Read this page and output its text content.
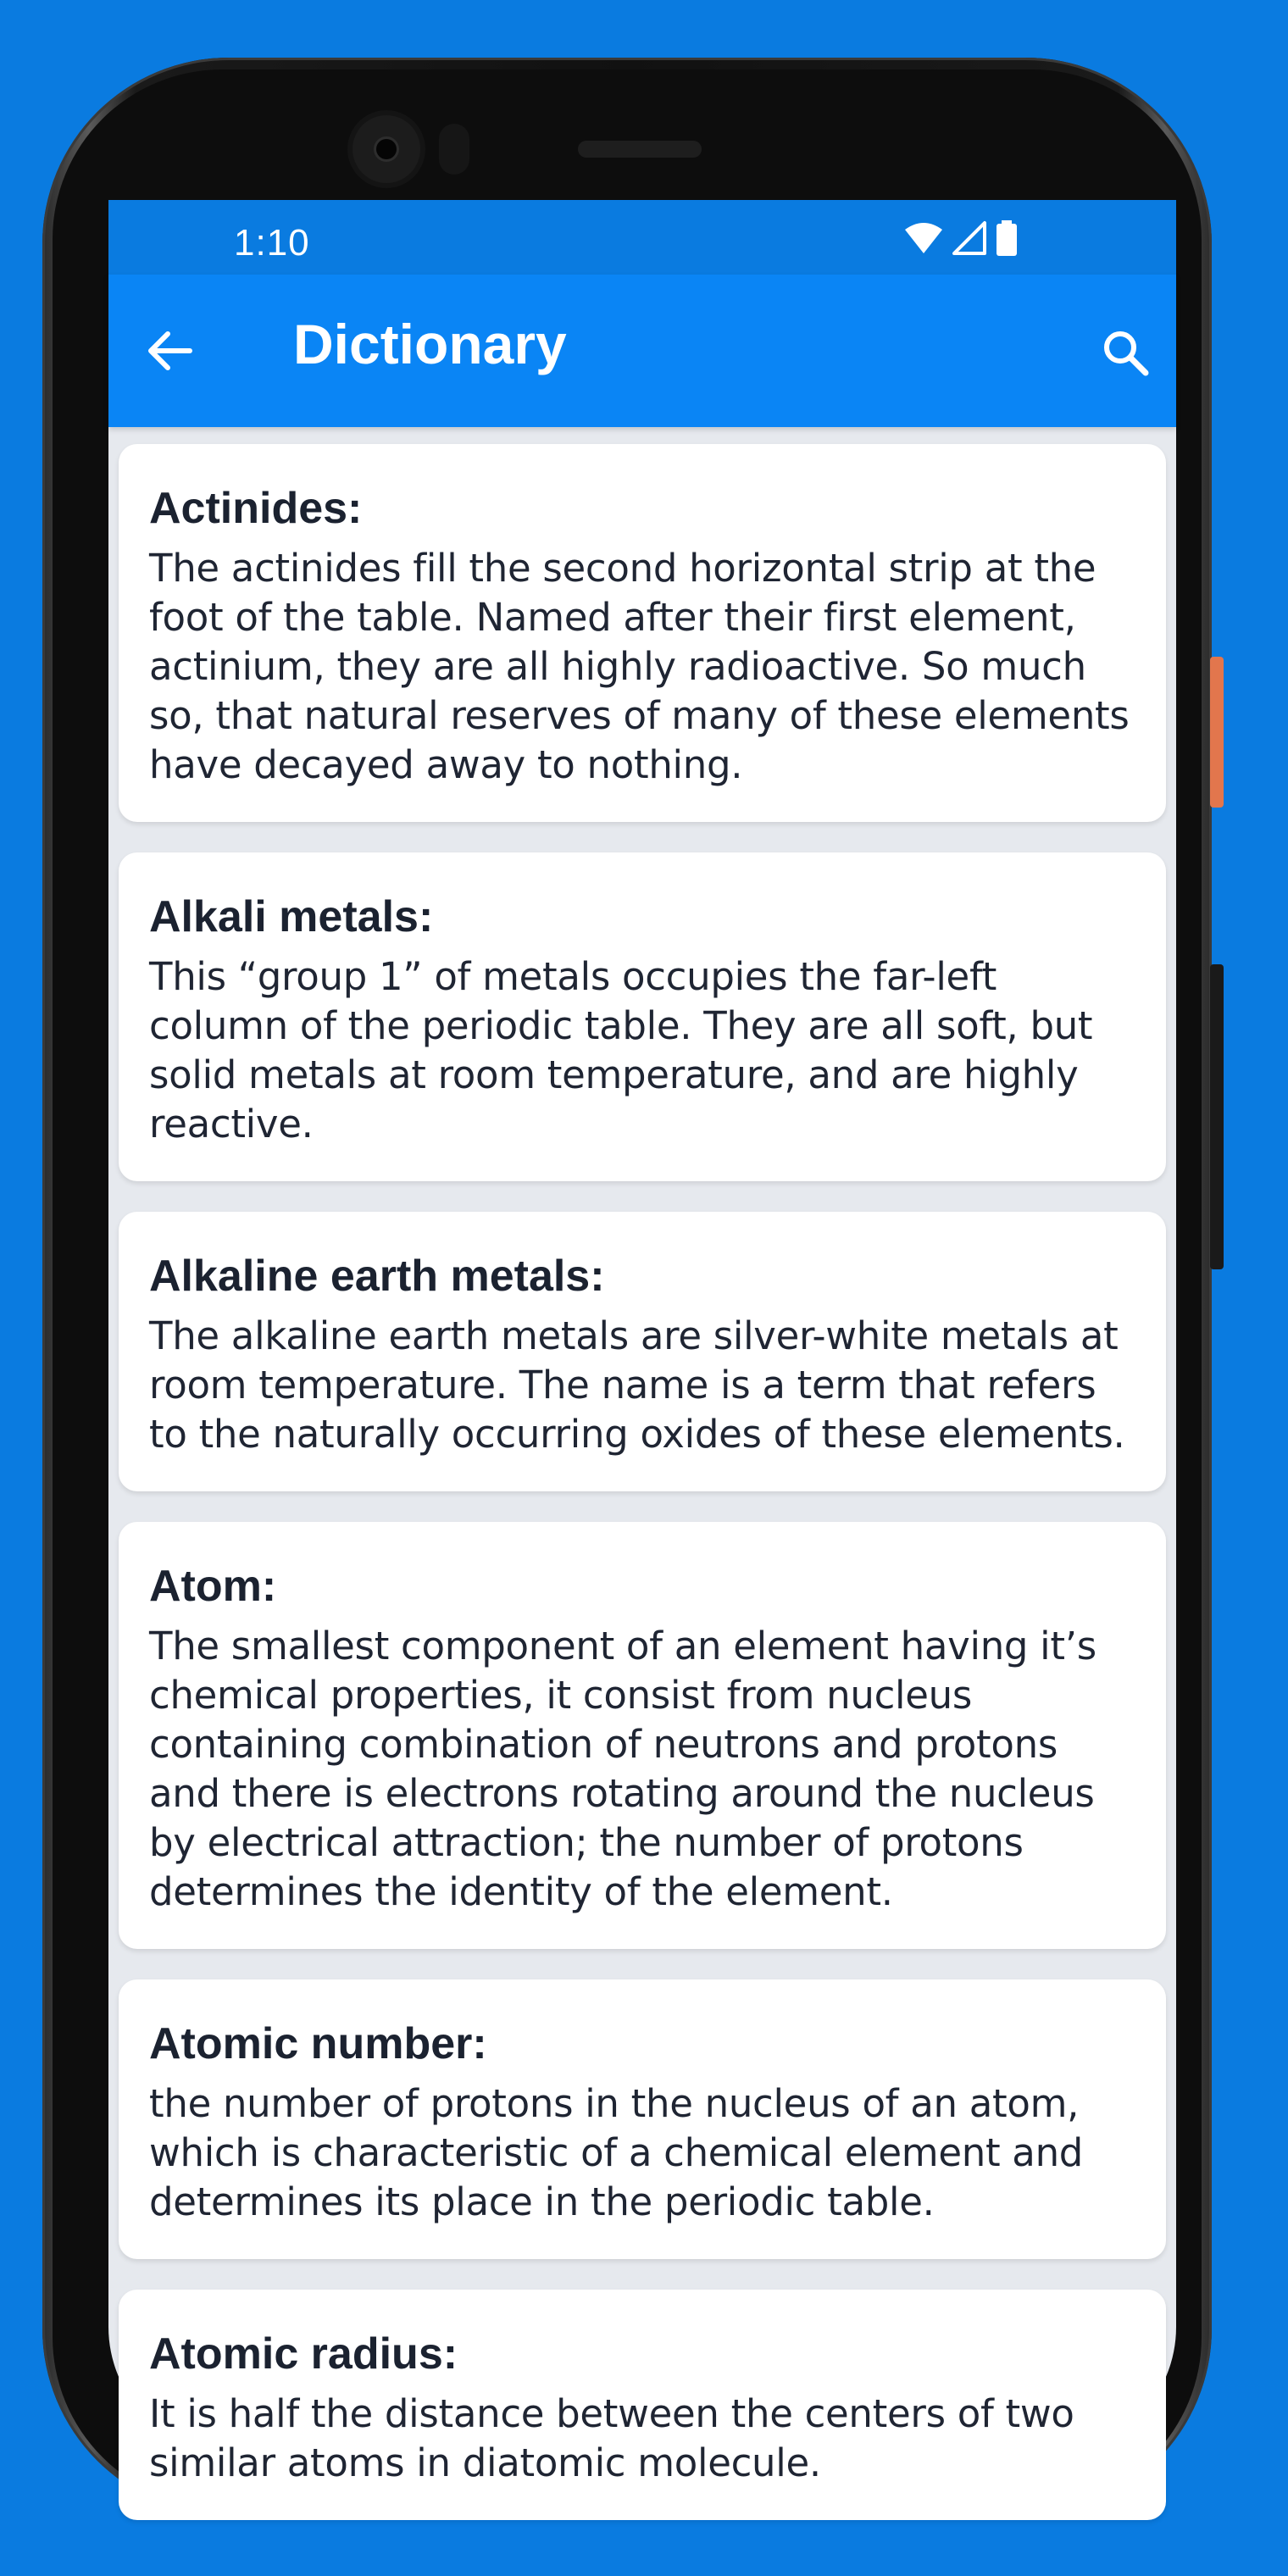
1:10
Dictionary

Actinides:

The actinides fill the second horizontal strip at the foot of the table. Named after their first element, actinium, they are all highly radioactive. So much so, that natural reserves of many of these elements have decayed away to nothing.

Alkali metals:

This “group 1” of metals occupies the far-left column of the periodic table. They are all soft, but solid metals at room temperature, and are highly reactive.

Alkaline earth metals:

The alkaline earth metals are silver-white metals at room temperature. The name is a term that refers to the naturally occurring oxides of these elements.

Atom:

The smallest component of an element having it’s chemical properties, it consist from nucleus containing combination of neutrons and protons and there is electrons rotating around the nucleus by electrical attraction; the number of protons determines the identity of the element.

Atomic number:

the number of protons in the nucleus of an atom, which is characteristic of a chemical element and determines its place in the periodic table.

Atomic radius:

It is half the distance between the centers of two similar atoms in diatomic molecule.
